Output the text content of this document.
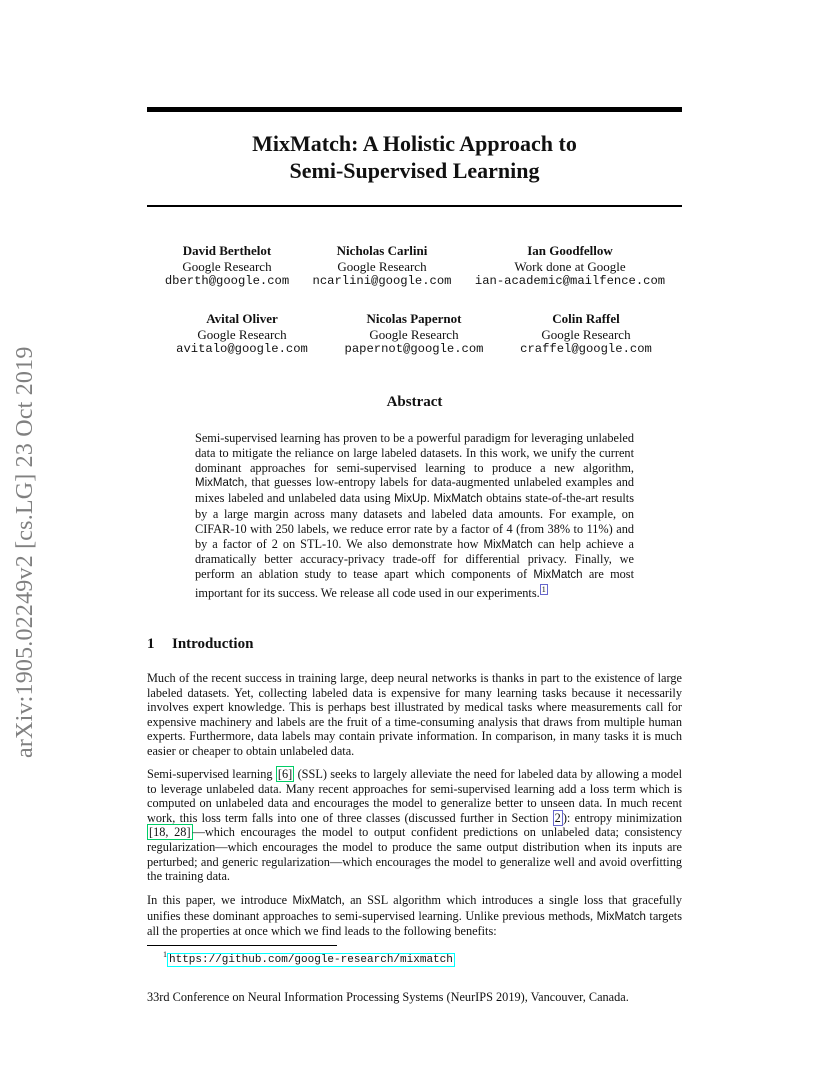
arXiv:1905.02249v2 [cs.LG] 23 Oct 2019
MixMatch: A Holistic Approach to
Semi-Supervised Learning
David Berthelot
Google Research
dberth@google.com
Nicholas Carlini
Google Research
ncarlini@google.com
Ian Goodfellow
Work done at Google
ian-academic@mailfence.com
Avital Oliver
Google Research
avitalo@google.com
Nicolas Papernot
Google Research
papernot@google.com
Colin Raffel
Google Research
craffel@google.com
Abstract
Semi-supervised learning has proven to be a powerful paradigm for leveraging unlabeled data to mitigate the reliance on large labeled datasets. In this work, we unify the current dominant approaches for semi-supervised learning to produce a new algorithm, MixMatch, that guesses low-entropy labels for data-augmented unlabeled examples and mixes labeled and unlabeled data using MixUp. MixMatch obtains state-of-the-art results by a large margin across many datasets and labeled data amounts. For example, on CIFAR-10 with 250 labels, we reduce error rate by a factor of 4 (from 38% to 11%) and by a factor of 2 on STL-10. We also demonstrate how MixMatch can help achieve a dramatically better accuracy-privacy trade-off for differential privacy. Finally, we perform an ablation study to tease apart which components of MixMatch are most important for its success. We release all code used in our experiments. $^1$
1 Introduction
Much of the recent success in training large, deep neural networks is thanks in part to the existence of large labeled datasets. Yet, collecting labeled data is expensive for many learning tasks because it necessarily involves expert knowledge. This is perhaps best illustrated by medical tasks where measurements call for expensive machinery and labels are the fruit of a time-consuming analysis that draws from multiple human experts. Furthermore, data labels may contain private information. In comparison, in many tasks it is much easier or cheaper to obtain unlabeled data.
Semi-supervised learning [6] (SSL) seeks to largely alleviate the need for labeled data by allowing a model to leverage unlabeled data. Many recent approaches for semi-supervised learning add a loss term which is computed on unlabeled data and encourages the model to generalize better to unseen data. In much recent work, this loss term falls into one of three classes (discussed further in Section 2 ): entropy minimization [18, 28] —which encourages the model to output confident predictions on unlabeled data; consistency regularization—which encourages the model to produce the same output distribution when its inputs are perturbed; and generic regularization—which encourages the model to generalize well and avoid overfitting the training data.
In this paper, we introduce MixMatch, an SSL algorithm which introduces a single loss that gracefully unifies these dominant approaches to semi-supervised learning. Unlike previous methods, MixMatch targets all the properties at once which we find leads to the following benefits:
$^1$ https://github.com/google-research/mixmatch
33rd Conference on Neural Information Processing Systems (NeurIPS 2019), Vancouver, Canada.
